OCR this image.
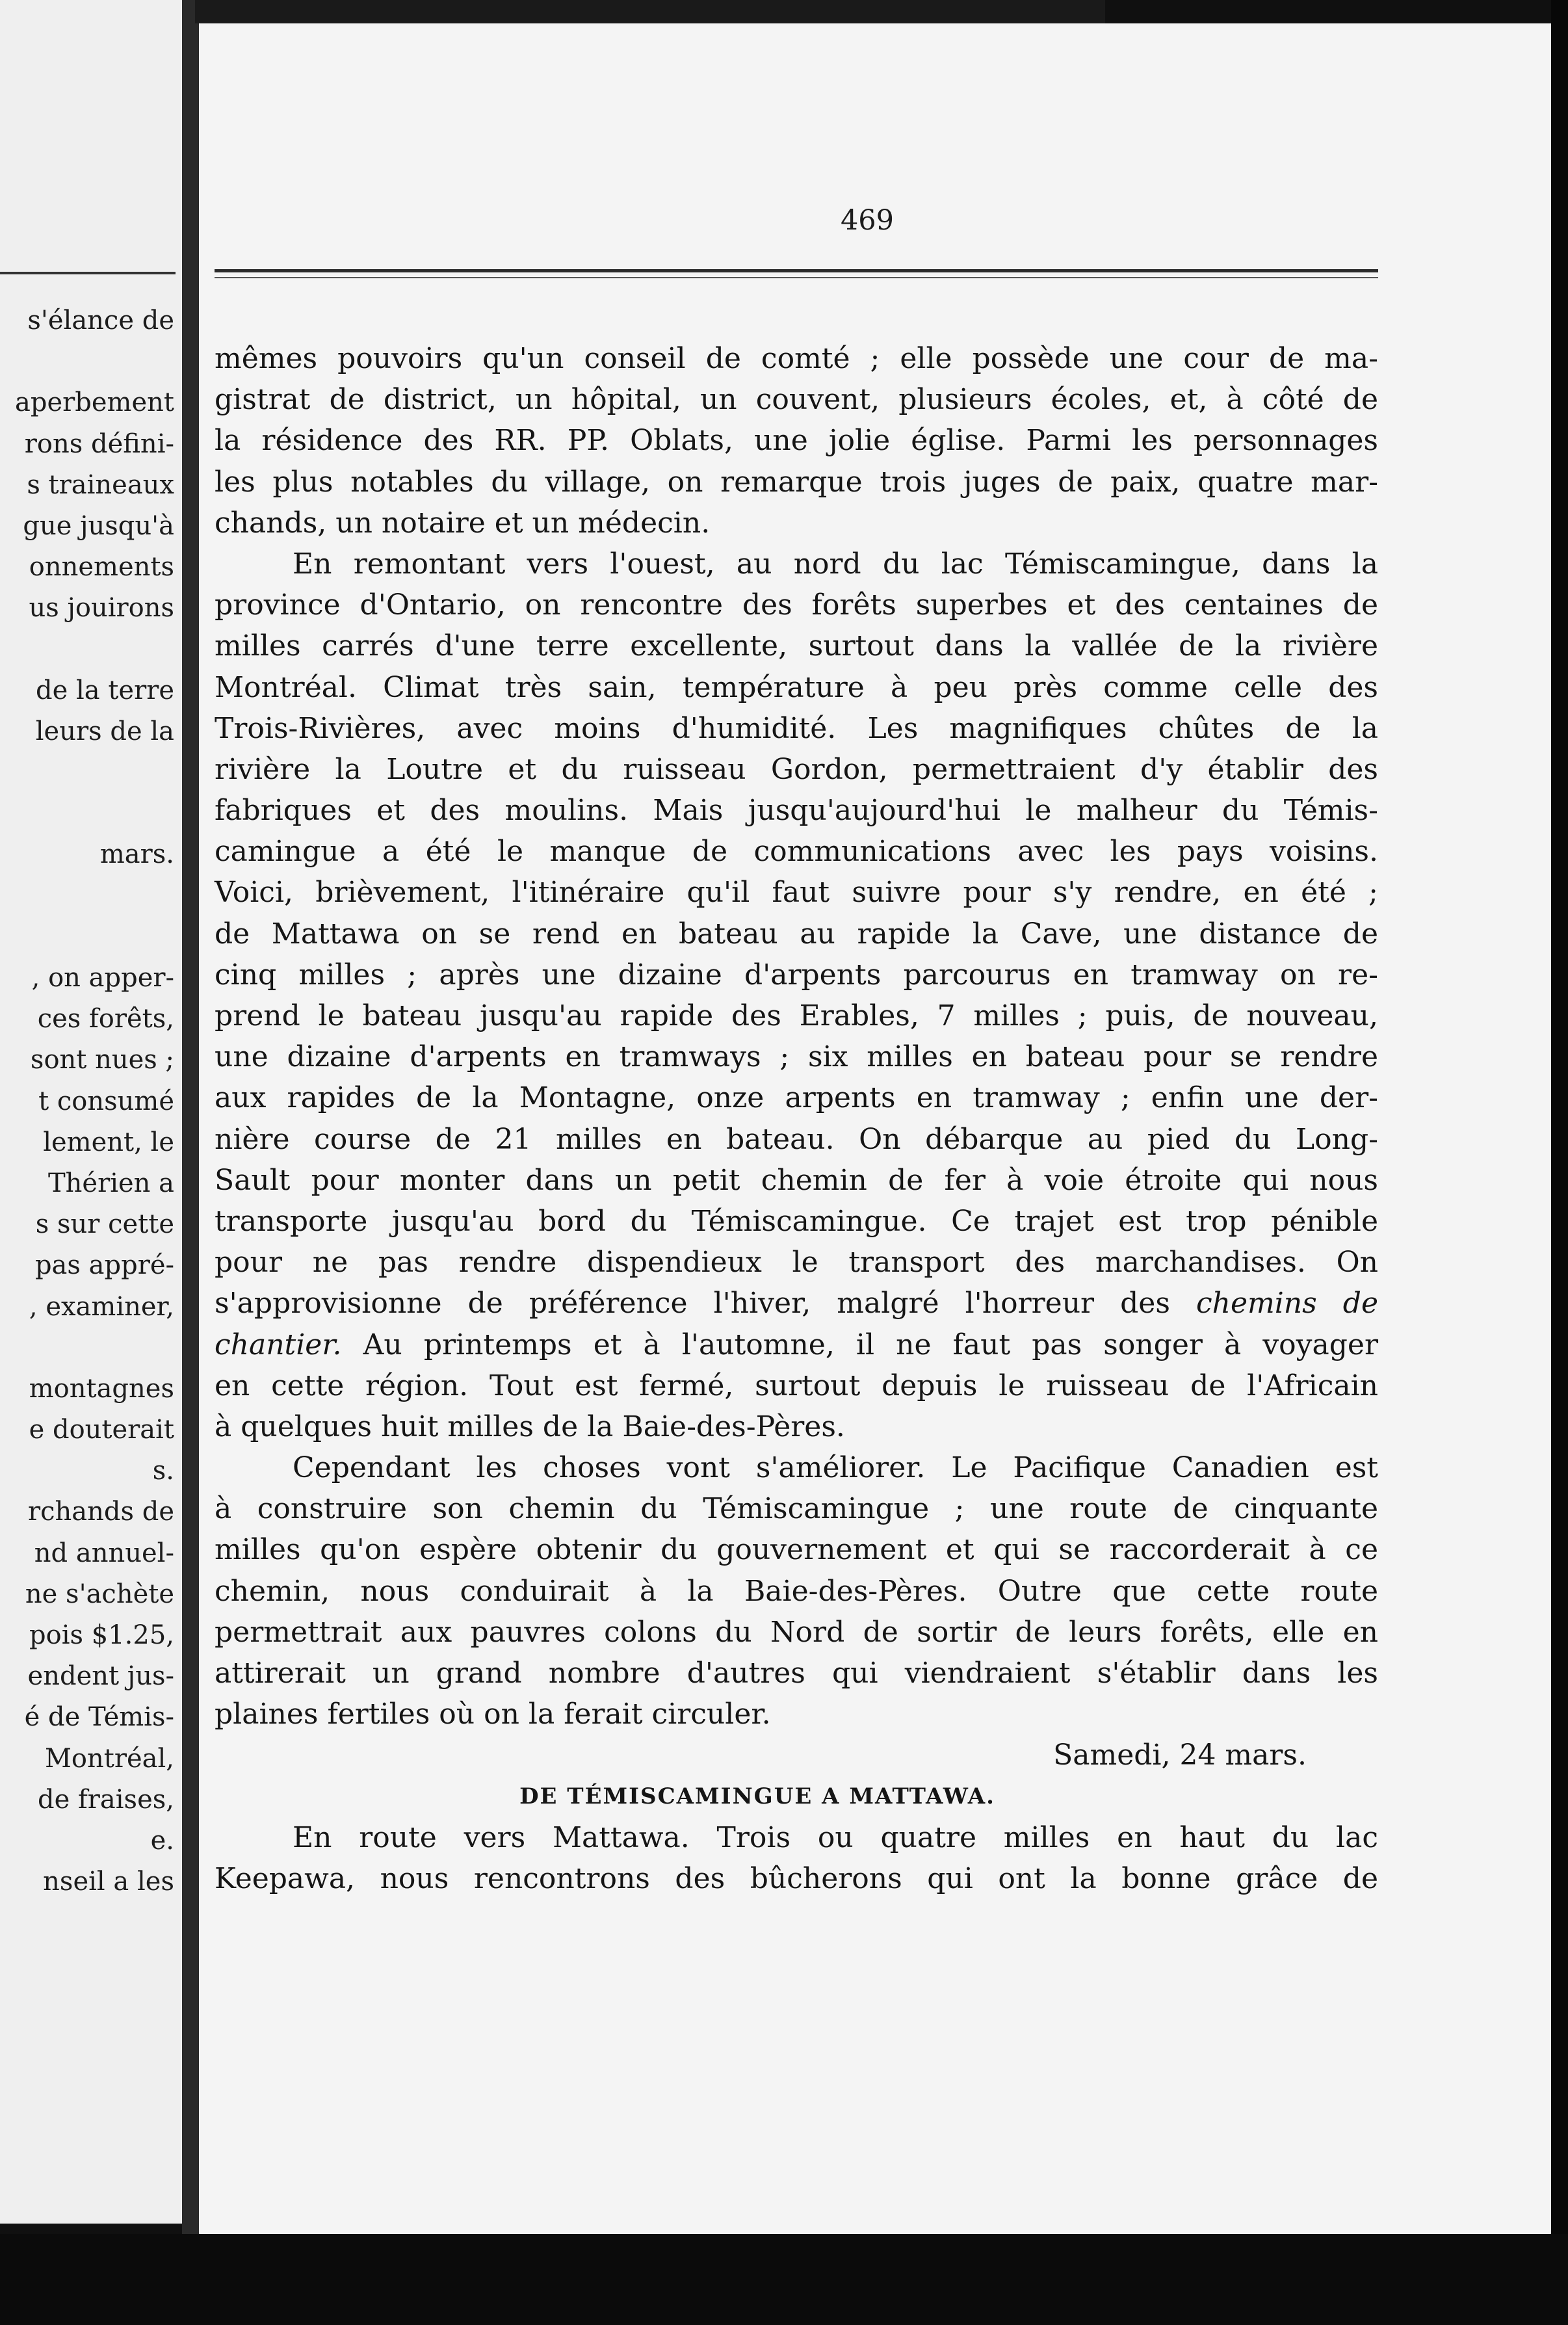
s'élance de
aperbement
rons défini-
s traineaux
gue jusqu'à
onnements
us jouirons
de la terre
leurs de la
mars.
, on apper-
ces forêts,
sont nues ;
t consumé
lement, le
Thérien a
s sur cette
pas appré-
, examiner,
montagnes
e douterait
s.
rchands de
nd annuel-
ne s'achète
pois $1.25,
endent jus-
é de Témis-
Montréal,
de fraises,
e.
nseil a les
469
mêmes pouvoirs qu'un conseil de comté ; elle possède une cour de ma-
gistrat de district, un hôpital, un couvent, plusieurs écoles, et, à côté de
la résidence des RR. PP. Oblats, une jolie église. Parmi les personnages
les plus notables du village, on remarque trois juges de paix, quatre mar-
chands, un notaire et un médecin.
En remontant vers l'ouest, au nord du lac Témiscamingue, dans la
province d'Ontario, on rencontre des forêts superbes et des centaines de
milles carrés d'une terre excellente, surtout dans la vallée de la rivière
Montréal. Climat très sain, température à peu près comme celle des
Trois-Rivières, avec moins d'humidité. Les magnifiques chûtes de la
rivière la Loutre et du ruisseau Gordon, permettraient d'y établir des
fabriques et des moulins. Mais jusqu'aujourd'hui le malheur du Témis-
camingue a été le manque de communications avec les pays voisins.
Voici, brièvement, l'itinéraire qu'il faut suivre pour s'y rendre, en été ;
de Mattawa on se rend en bateau au rapide la Cave, une distance de
cinq milles ; après une dizaine d'arpents parcourus en tramway on re-
prend le bateau jusqu'au rapide des Erables, 7 milles ; puis, de nouveau,
une dizaine d'arpents en tramways ; six milles en bateau pour se rendre
aux rapides de la Montagne, onze arpents en tramway ; enfin une der-
nière course de 21 milles en bateau. On débarque au pied du Long-
Sault pour monter dans un petit chemin de fer à voie étroite qui nous
transporte jusqu'au bord du Témiscamingue. Ce trajet est trop pénible
pour ne pas rendre dispendieux le transport des marchandises. On
s'approvisionne de préférence l'hiver, malgré l'horreur des chemins de
chantier. Au printemps et à l'automne, il ne faut pas songer à voyager
en cette région. Tout est fermé, surtout depuis le ruisseau de l'Africain
à quelques huit milles de la Baie-des-Pères.
Cependant les choses vont s'améliorer. Le Pacifique Canadien est
à construire son chemin du Témiscamingue ; une route de cinquante
milles qu'on espère obtenir du gouvernement et qui se raccorderait à ce
chemin, nous conduirait à la Baie-des-Pères. Outre que cette route
permettrait aux pauvres colons du Nord de sortir de leurs forêts, elle en
attirerait un grand nombre d'autres qui viendraient s'établir dans les
plaines fertiles où on la ferait circuler.
Samedi, 24 mars.
DE TÉMISCAMINGUE A MATTAWA.
En route vers Mattawa. Trois ou quatre milles en haut du lac
Keepawa, nous rencontrons des bûcherons qui ont la bonne grâce de
